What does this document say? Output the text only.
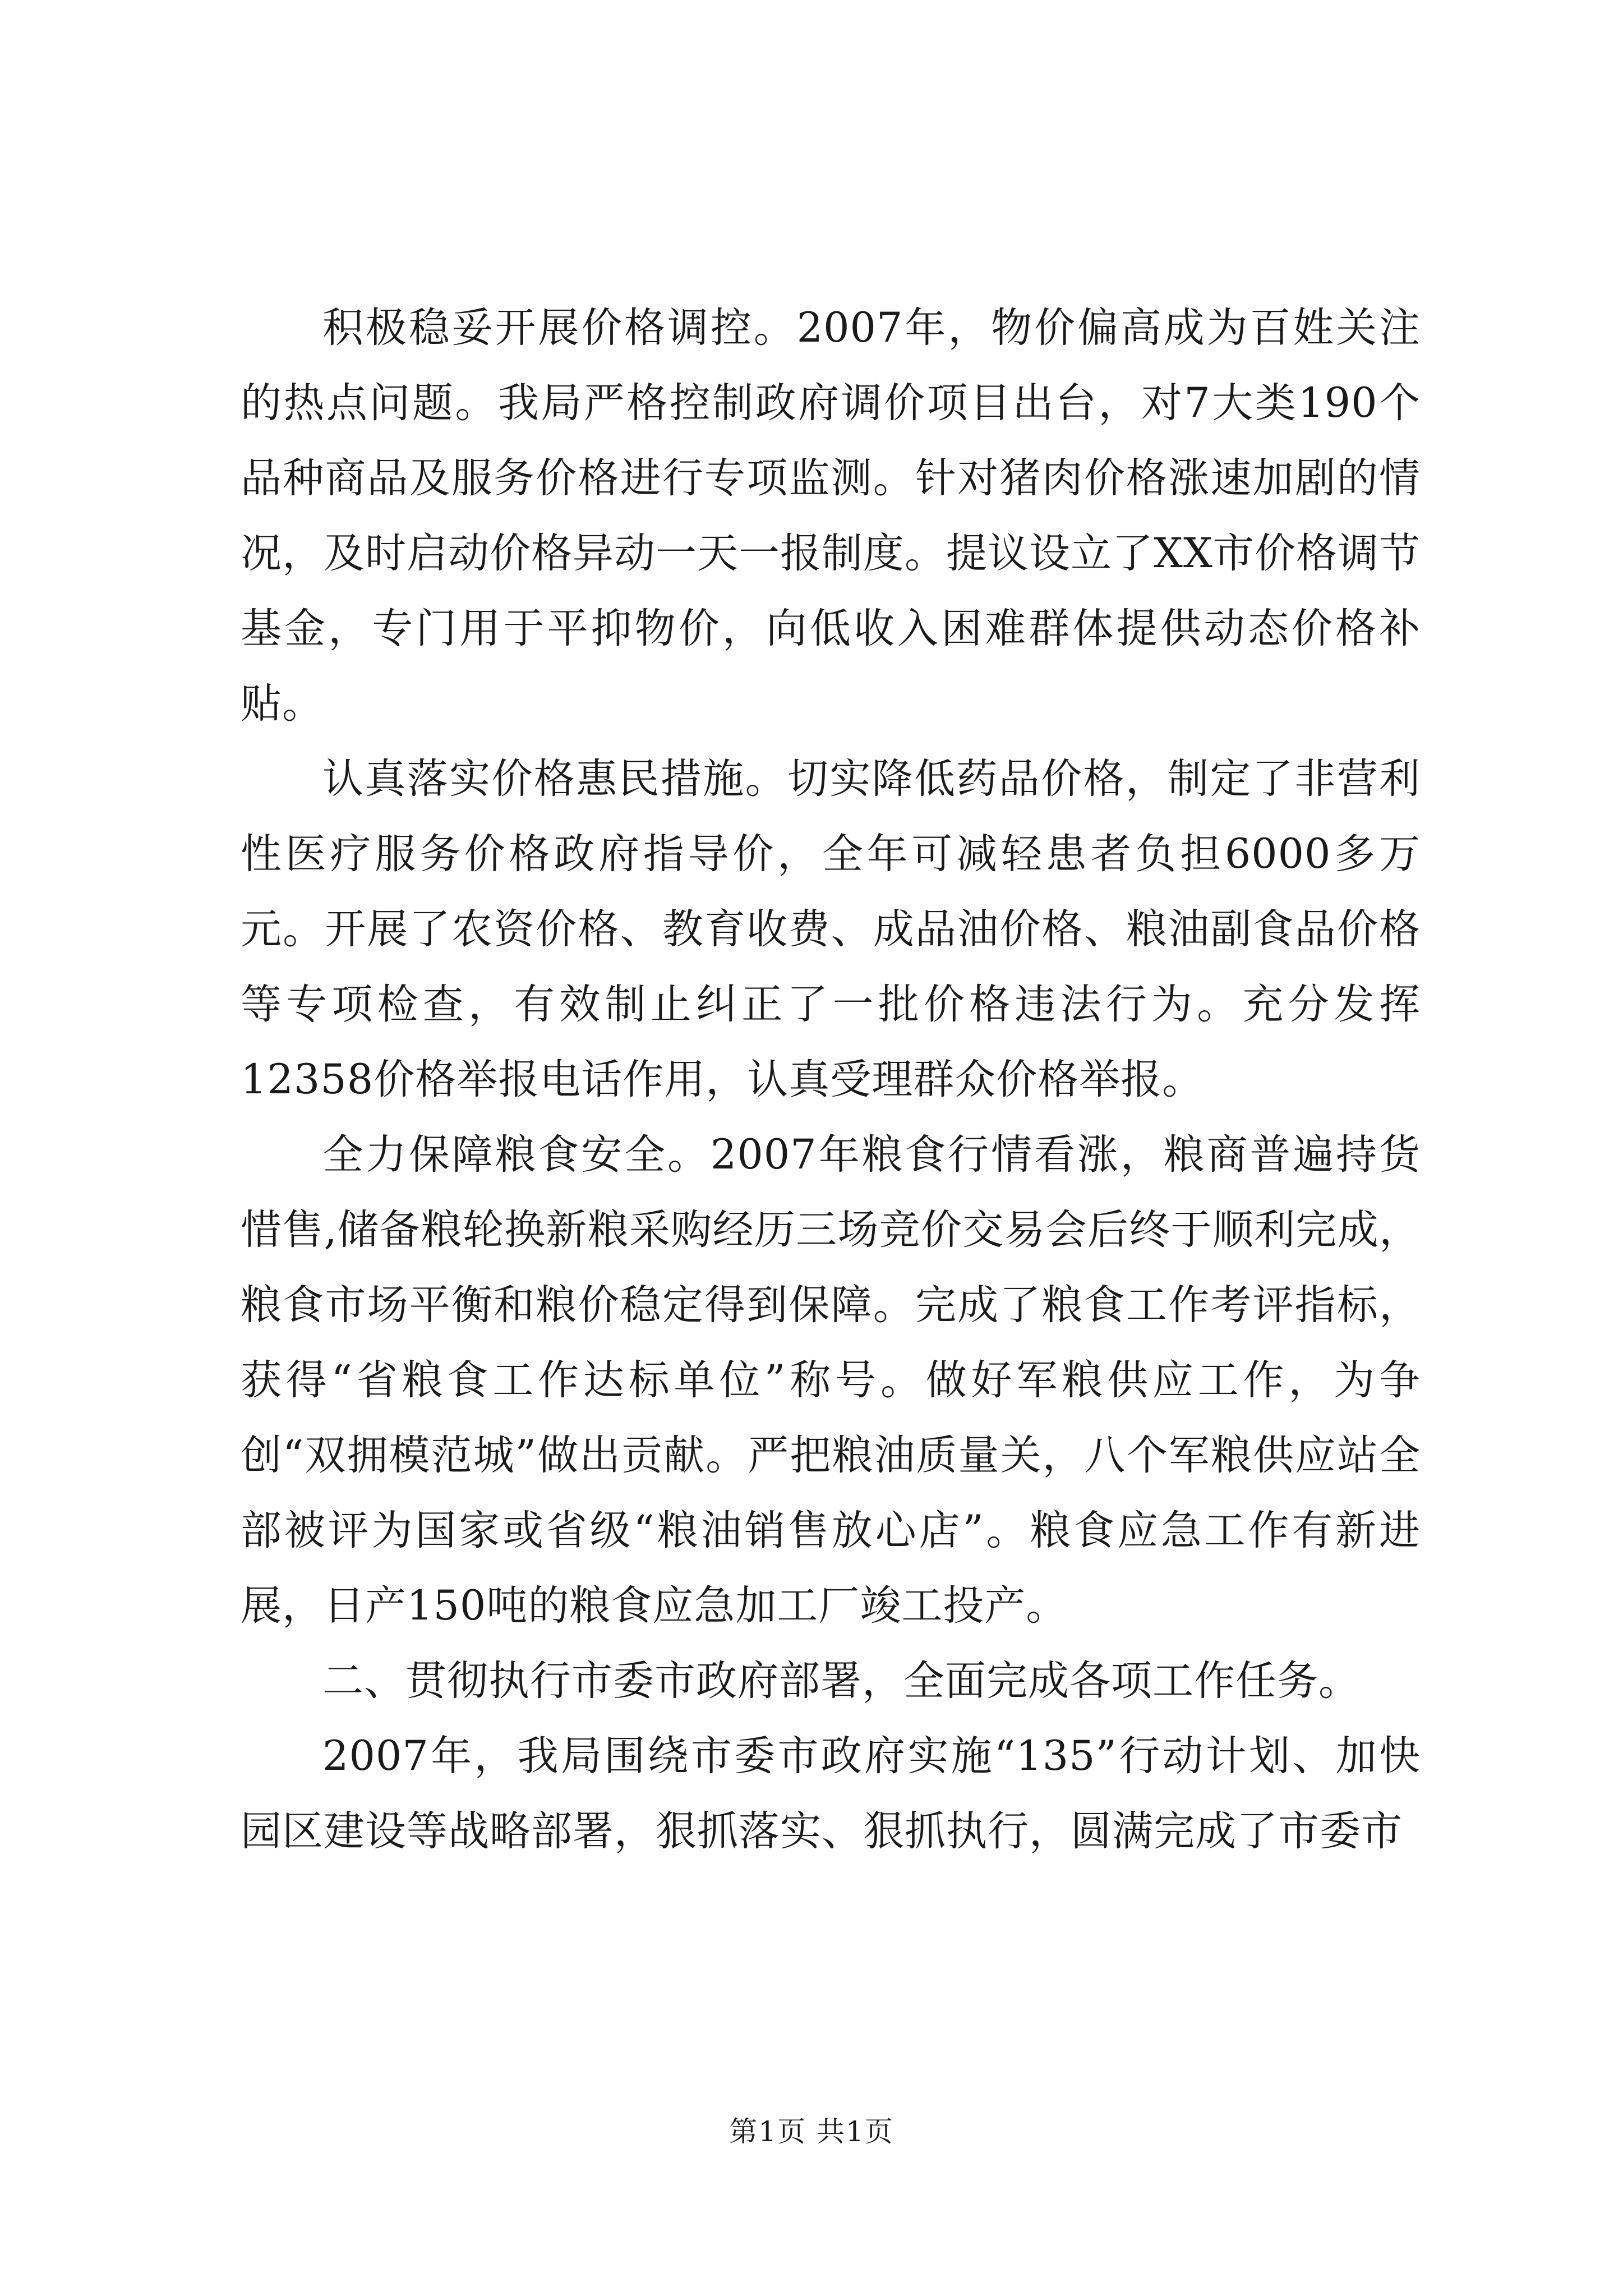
积极稳妥开展价格调控。2007年，物价偏高成为百姓关注的热点问题。我局严格控制政府调价项目出台，对7大类190个品种商品及服务价格进行专项监测。针对猪肉价格涨速加剧的情况，及时启动价格异动一天一报制度。提议设立了XX市价格调节基金，专门用于平抑物价，向低收入困难群体提供动态价格补贴。

认真落实价格惠民措施。切实降低药品价格，制定了非营利性医疗服务价格政府指导价，全年可减轻患者负担6000多万元。开展了农资价格、教育收费、成品油价格、粮油副食品价格等专项检查，有效制止纠正了一批价格违法行为。充分发挥12358价格举报电话作用，认真受理群众价格举报。

全力保障粮食安全。2007年粮食行情看涨，粮商普遍持货惜售,储备粮轮换新粮采购经历三场竞价交易会后终于顺利完成，粮食市场平衡和粮价稳定得到保障。完成了粮食工作考评指标，获得“省粮食工作达标单位”称号。做好军粮供应工作，为争创“双拥模范城”做出贡献。严把粮油质量关，八个军粮供应站全部被评为国家或省级“粮油销售放心店”。粮食应急工作有新进展，日产150吨的粮食应急加工厂竣工投产。

二、贯彻执行市委市政府部署，全面完成各项工作任务。

2007年，我局围绕市委市政府实施“135”行动计划、加快园区建设等战略部署，狠抓落实、狠抓执行，圆满完成了市委市

第1页 共1页
